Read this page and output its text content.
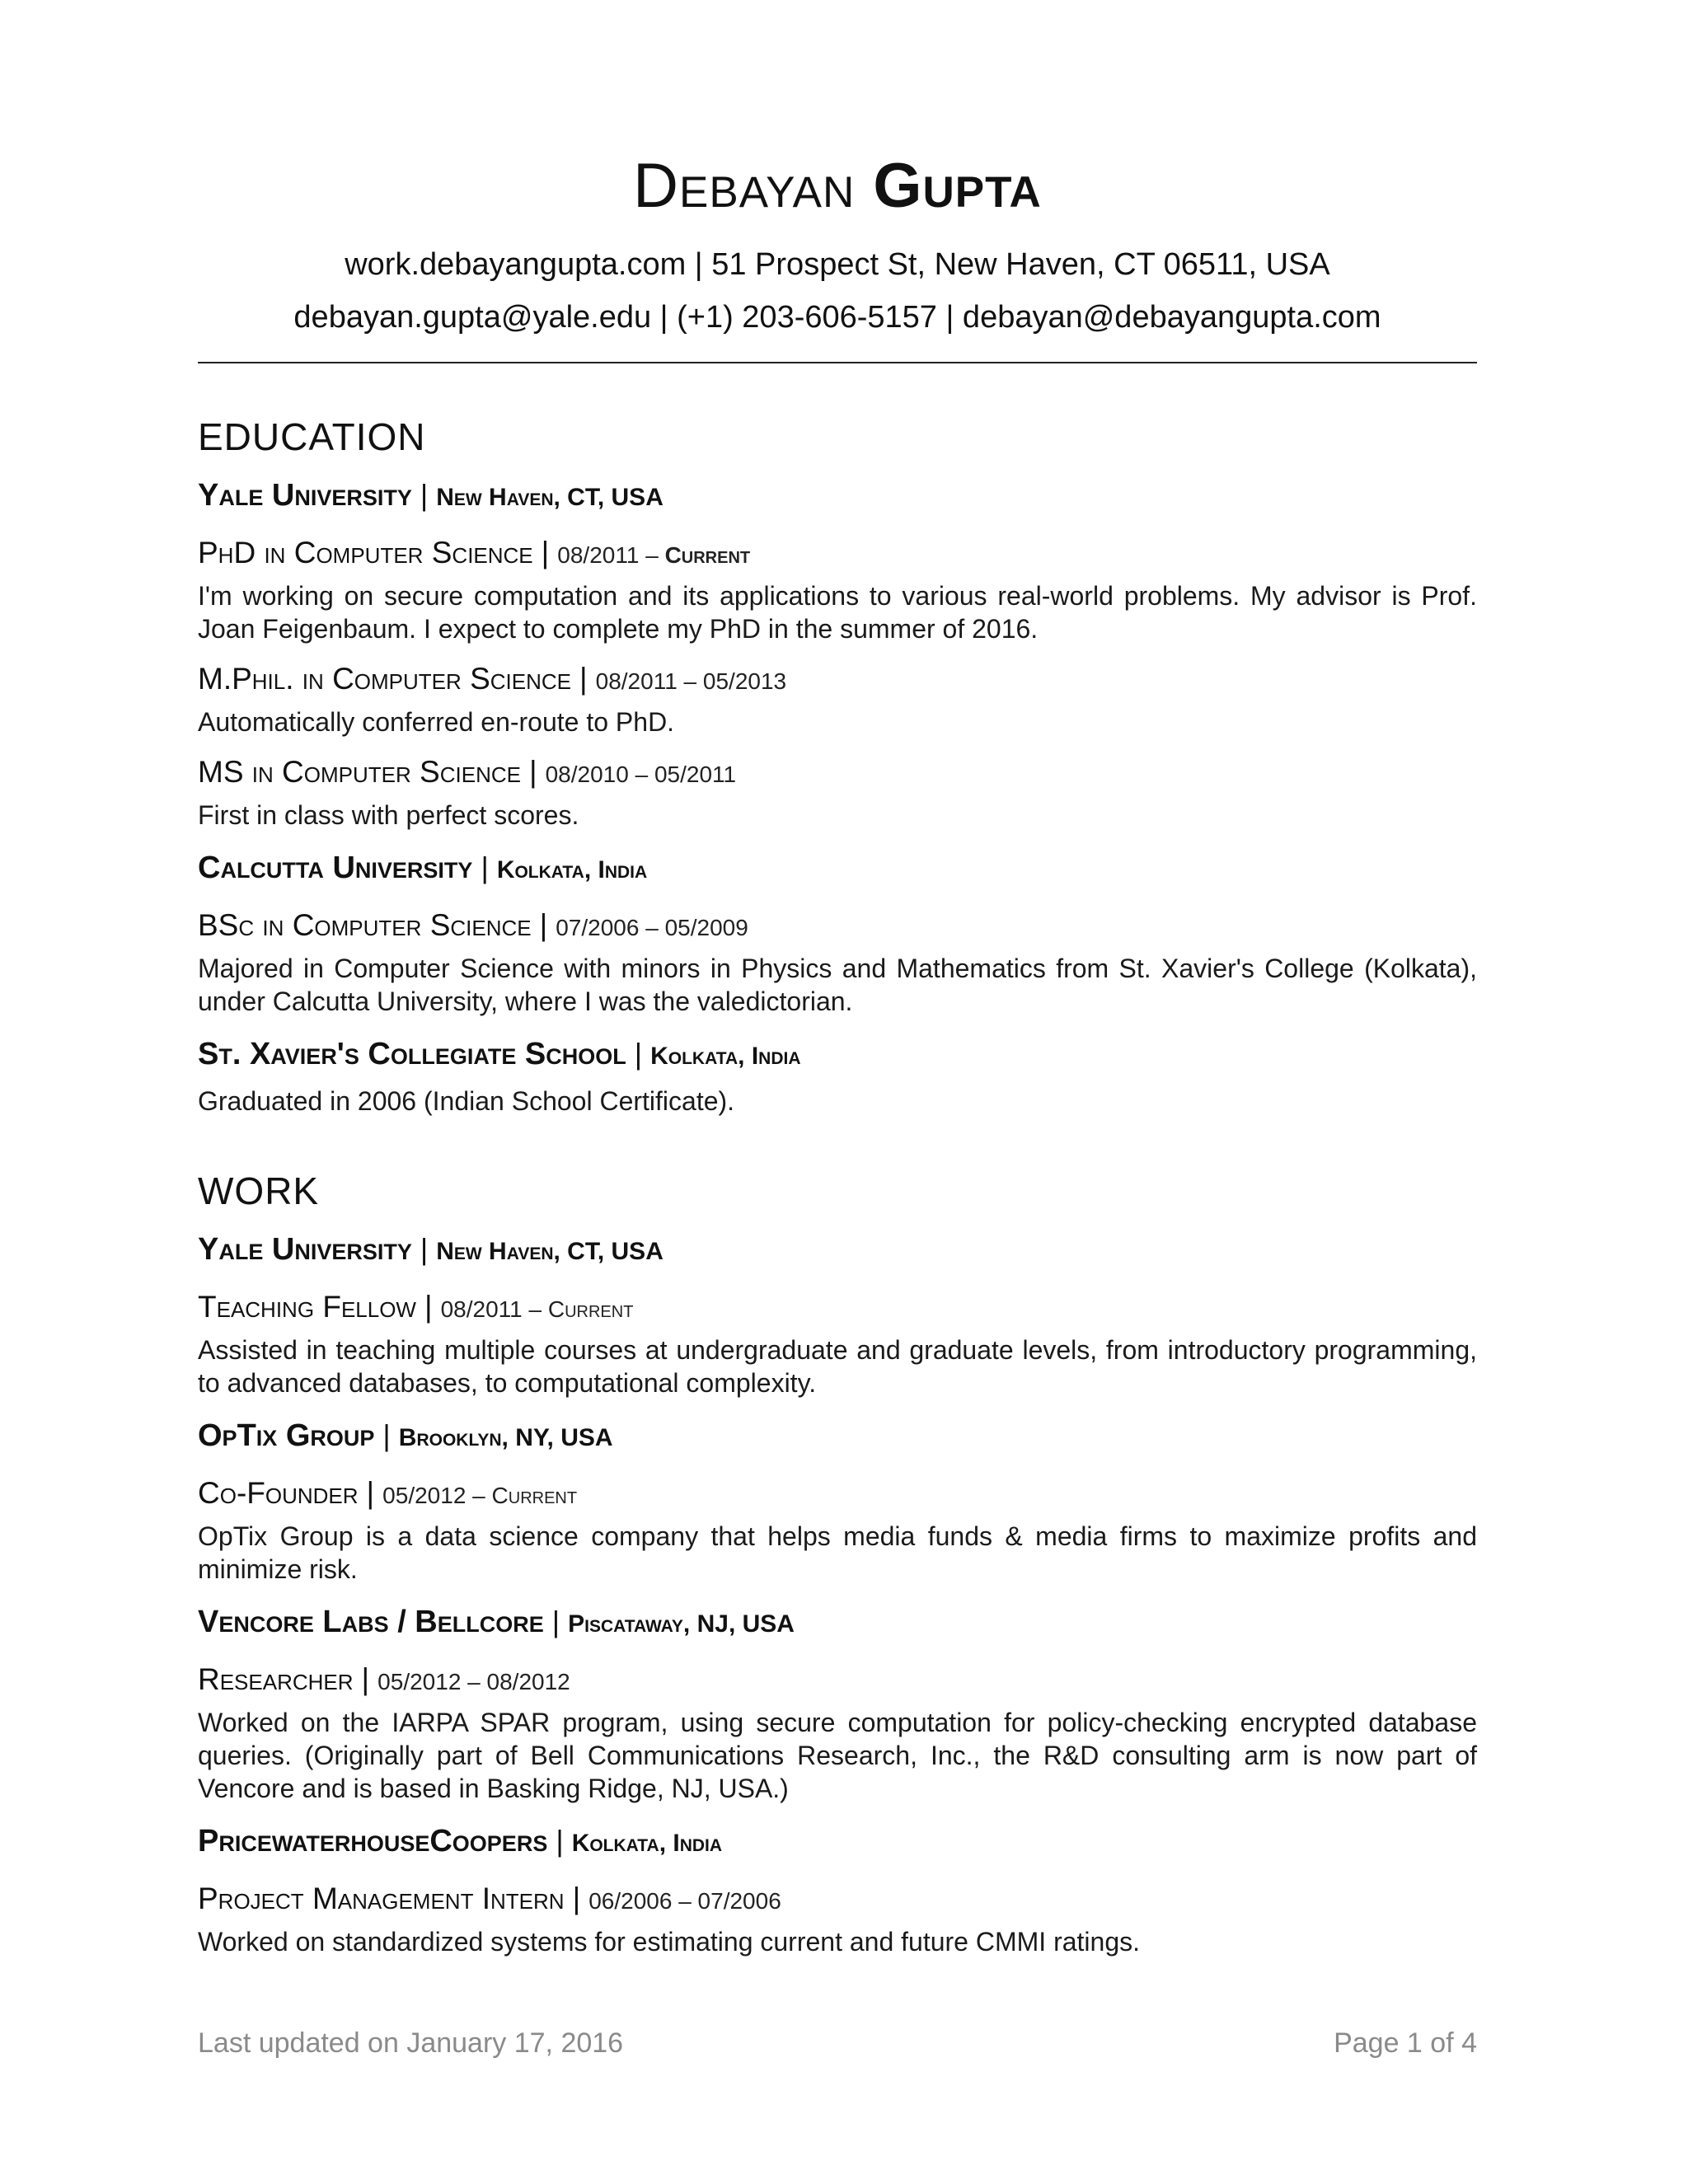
Debayan Gupta
work.debayangupta.com | 51 Prospect St, New Haven, CT 06511, USA
debayan.gupta@yale.edu | (+1) 203-606-5157 | debayan@debayangupta.com
EDUCATION
Yale University | New Haven, CT, USA
PhD in Computer Science | 08/2011 – Current

I'm working on secure computation and its applications to various real-world problems. My advisor is Prof. Joan Feigenbaum. I expect to complete my PhD in the summer of 2016.

M.Phil. in Computer Science | 08/2011 – 05/2013

Automatically conferred en-route to PhD.

MS in Computer Science | 08/2010 – 05/2011

First in class with perfect scores.

Calcutta University | Kolkata, India
BSc in Computer Science | 07/2006 – 05/2009

Majored in Computer Science with minors in Physics and Mathematics from St. Xavier's College (Kolkata), under Calcutta University, where I was the valedictorian.

St. Xavier's Collegiate School | Kolkata, India

Graduated in 2006 (Indian School Certificate).

WORK
Yale University | New Haven, CT, USA
Teaching Fellow | 08/2011 – Current

Assisted in teaching multiple courses at undergraduate and graduate levels, from introductory programming, to advanced databases, to computational complexity.

OpTix Group | Brooklyn, NY, USA
Co-Founder | 05/2012 – Current

OpTix Group is a data science company that helps media funds & media firms to maximize profits and minimize risk.

Vencore Labs / Bellcore | Piscataway, NJ, USA
Researcher | 05/2012 – 08/2012

Worked on the IARPA SPAR program, using secure computation for policy-checking encrypted database queries. (Originally part of Bell Communications Research, Inc., the R&D consulting arm is now part of Vencore and is based in Basking Ridge, NJ, USA.)

PricewaterhouseCoopers | Kolkata, India
Project Management Intern | 06/2006 – 07/2006

Worked on standardized systems for estimating current and future CMMI ratings.

Last updated on January 17, 2016	Page 1 of 4
